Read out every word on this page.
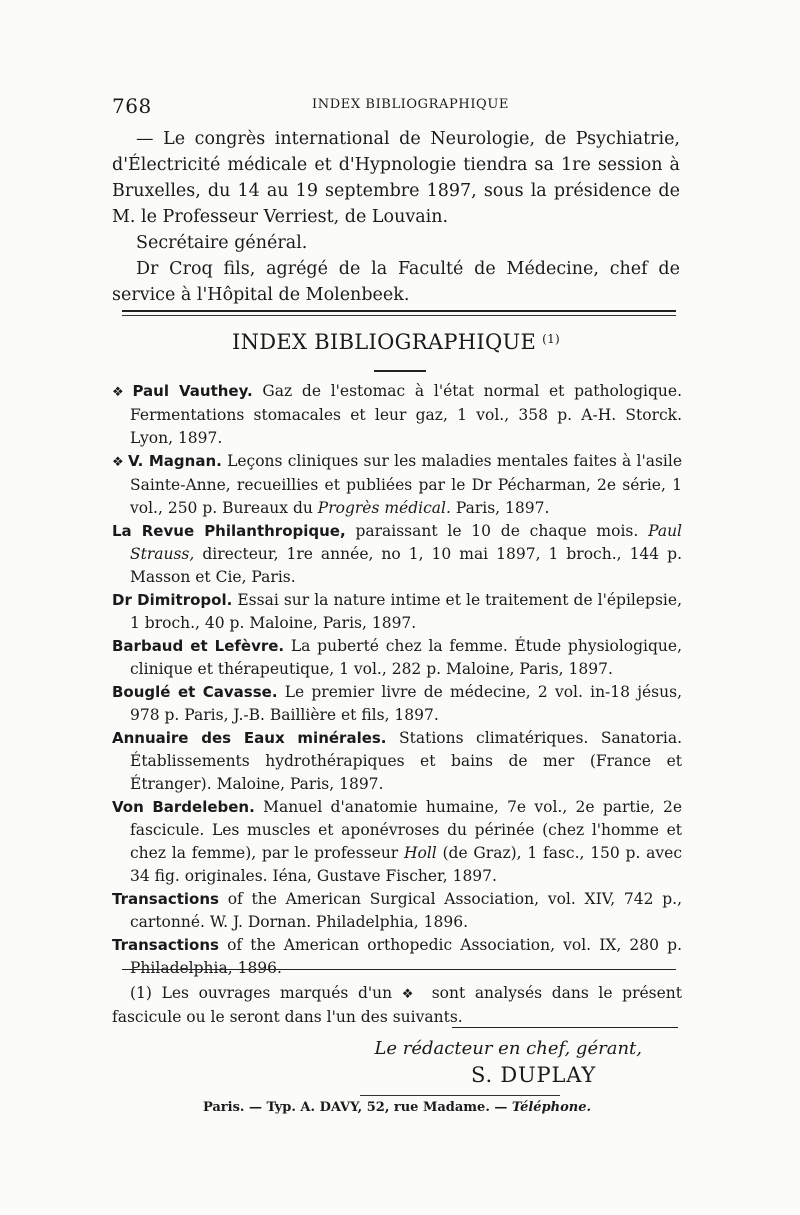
768	INDEX BIBLIOGRAPHIQUE

— Le congrès international de Neurologie, de Psychiatrie, d'Électricité médicale et d'Hypnologie tiendra sa 1re session à Bruxelles, du 14 au 19 septembre 1897, sous la présidence de M. le Professeur Verriest, de Louvain.

Secrétaire général.

Dr Croq fils, agrégé de la Faculté de Médecine, chef de service à l'Hôpital de Molenbeek.

INDEX BIBLIOGRAPHIQUE $^{(1)}$

❖ Paul Vauthey. Gaz de l'estomac à l'état normal et pathologique. Fermentations stomacales et leur gaz, 1 vol., 358 p. A-H. Storck. Lyon, 1897.

❖ V. Magnan. Leçons cliniques sur les maladies mentales faites à l'asile Sainte-Anne, recueillies et publiées par le Dr Pécharman, 2e série, 1 vol., 250 p. Bureaux du Progrès médical. Paris, 1897.

La Revue Philanthropique, paraissant le 10 de chaque mois. Paul Strauss, directeur, 1re année, no 1, 10 mai 1897, 1 broch., 144 p. Masson et Cie, Paris.

Dr Dimitropol. Essai sur la nature intime et le traitement de l'épilepsie, 1 broch., 40 p. Maloine, Paris, 1897.

Barbaud et Lefèvre. La puberté chez la femme. Étude physiologique, clinique et thérapeutique, 1 vol., 282 p. Maloine, Paris, 1897.

Bouglé et Cavasse. Le premier livre de médecine, 2 vol. in-18 jésus, 978 p. Paris, J.-B. Baillière et fils, 1897.

Annuaire des Eaux minérales. Stations climatériques. Sanatoria. Établissements hydrothérapiques et bains de mer (France et Étranger). Maloine, Paris, 1897.

Von Bardeleben. Manuel d'anatomie humaine, 7e vol., 2e partie, 2e fascicule. Les muscles et aponévroses du périnée (chez l'homme et chez la femme), par le professeur Holl (de Graz), 1 fasc., 150 p. avec 34 fig. originales. Iéna, Gustave Fischer, 1897.

Transactions of the American Surgical Association, vol. XIV, 742 p., cartonné. W. J. Dornan. Philadelphia, 1896.

Transactions of the American orthopedic Association, vol. IX, 280 p. Philadelphia, 1896.

(1) Les ouvrages marqués d'un ❖ sont analysés dans le présent fascicule ou le seront dans l'un des suivants.

Le rédacteur en chef, gérant,
S. DUPLAY
Paris. — Typ. A. DAVY, 52, rue Madame. — Téléphone.
